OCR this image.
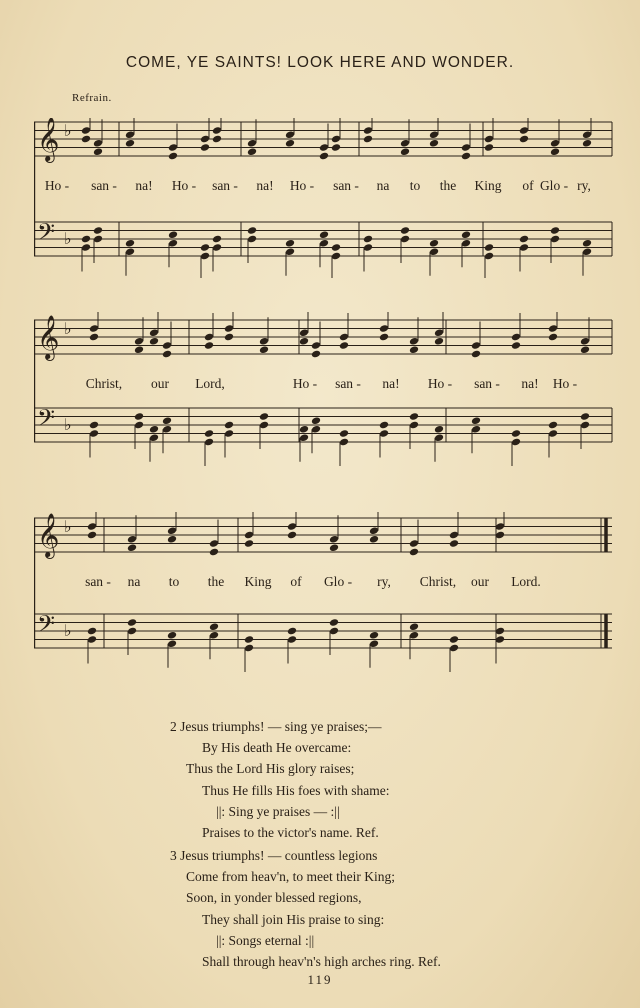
COME, YE SAINTS! LOOK HERE AND WONDER.
Refrain.
𝄞 ♭
𝄢 ♭
Ho - san - na! Ho - san - na! Ho - san - na to the King of Glo - ry,
𝄞 ♭
𝄢 ♭
Christ, our Lord,	Ho - san - na! Ho - san - na! Ho -
𝄞 ♭
𝄢 ♭
san - na to the King of Glo - ry, Christ, our Lord.
2 Jesus triumphs! — sing ye praises;—
By His death He overcame:
Thus the Lord His glory raises;
Thus He fills His foes with shame:
||: Sing ye praises — :||
Praises to the victor's name. Ref.
3 Jesus triumphs! — countless legions
Come from heav'n, to meet their King;
Soon, in yonder blessed regions,
They shall join His praise to sing:
||: Songs eternal :||
Shall through heav'n's high arches ring. Ref.
119
